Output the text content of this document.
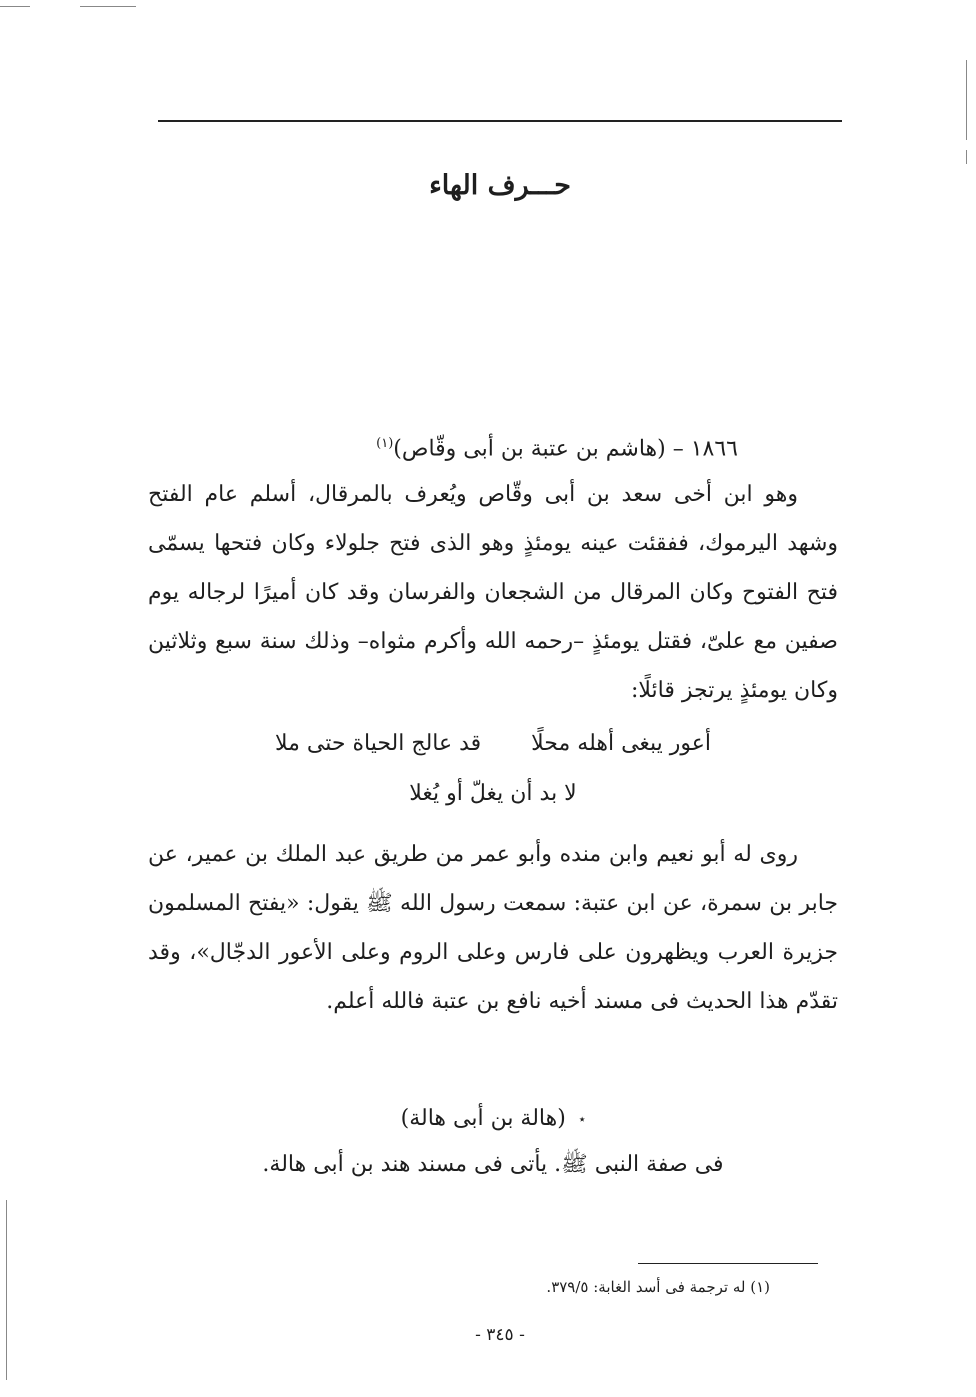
حـــرف الهاء
١٨٦٦ – (هاشم بن عتبة بن أبى وقّاص)$^{(١)}$

وهو ابن أخى سعد بن أبى وقّاص ويُعرف بالمرقال، أسلم عام الفتح وشهد اليرموك، ففقئت عينه يومئذٍ وهو الذى فتح جلولاء وكان فتحها يسمّى فتح الفتوح وكان المرقال من الشجعان والفرسان وقد كان أميرًا لرجاله يوم صفين مع علىّ، فقتل يومئذٍ –رحمه الله وأكرم مثواه– وذلك سنة سبع وثلاثين وكان يومئذٍ يرتجز قائلًا:

أعور يبغى أهله محلًا
قد عالج الحياة حتى ملا
لا بد أن يغلّ أو يُغلا

روى له أبو نعيم وابن منده وأبو عمر من طريق عبد الملك بن عمير، عن جابر بن سمرة، عن ابن عتبة: سمعت رسول الله ﷺ يقول: «يفتح المسلمون جزيرة العرب ويظهرون على فارس وعلى الروم وعلى الأعور الدجّال»، وقد تقدّم هذا الحديث فى مسند أخيه نافع بن عتبة فالله أعلم.

٭ (هالة بن أبى هالة)
فى صفة النبى ﷺ. يأتى فى مسند هند بن أبى هالة.
(١) له ترجمة فى أسد الغابة: ٣٧٩/٥.
- ٣٤٥ -
